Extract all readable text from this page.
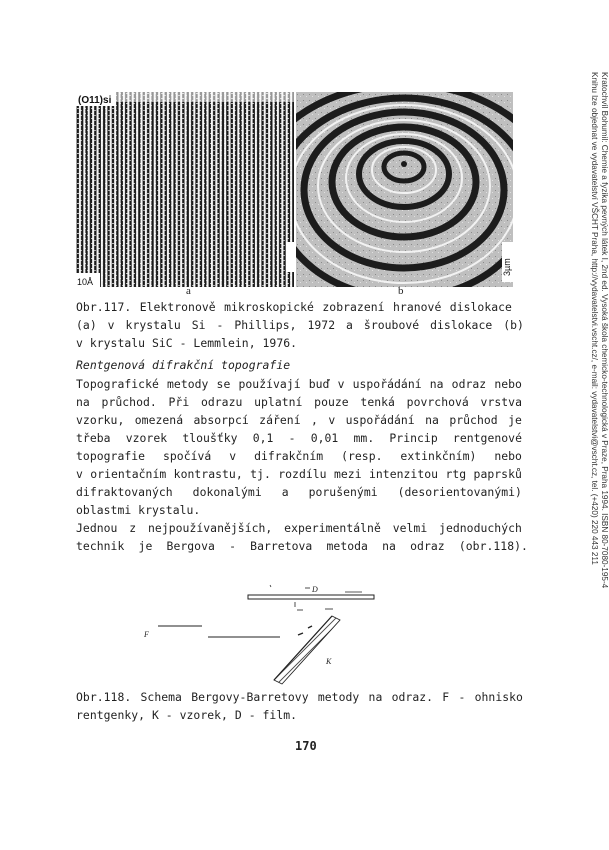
Kratochvíl Bohumil: Chemie a fyzika pevných látek I, 2nd ed. Vysoká škola chemicko-technologická v Praze, Praha 1994. ISBN 80-7080-195-4
Knihu lze objednat ve vydavatelství VŠCHT Praha, http://vydavatelstvi.vscht.cz/, e-mail: vydavatelstvi@vscht.cz, tel. (+420) 220 443 211
(O11)si
10Å
3µm
a	b
Obr.117. Elektronově mikroskopické zobrazení hranové dislokace
(a) v krystalu Si - Phillips, 1972 a šroubové dislokace (b)
v krystalu SiC - Lemmlein, 1976.
Rentgenová difrakční topografie
Topografické metody se používají buď v uspořádání na odraz nebo
na průchod. Při odrazu uplatní pouze tenká povrchová vrstva
vzorku, omezená absorpcí záření , v uspořádání na průchod je
třeba vzorek tloušťky 0,1 - 0,01 mm. Princip rentgenové
topografie spočívá v difrakčním (resp. extinkčním) nebo
v orientačním kontrastu, tj. rozdílu mezi intenzitou rtg paprsků
difraktovaných dokonalými a porušenými (desorientovanými)
oblastmi krystalu.
Jednou z nejpoužívanějších, experimentálně velmi jednoduchých
technik je Bergova - Barretova metoda na odraz (obr.118).
D
F
K
Obr.118. Schema Bergovy-Barretovy metody na odraz. F - ohnisko
rentgenky, K - vzorek, D - film.
170
